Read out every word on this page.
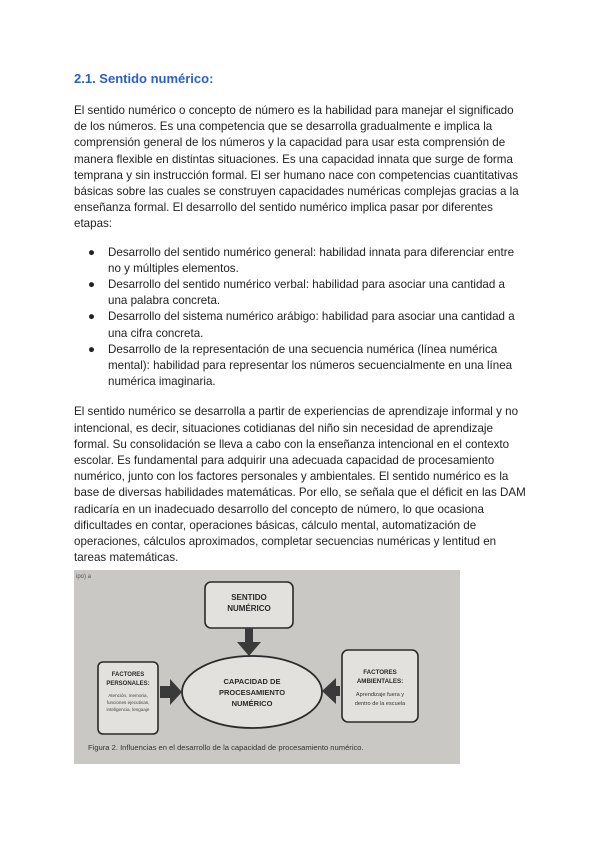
2.1. Sentido numérico:

El sentido numérico o concepto de número es la habilidad para manejar el significado de los números. Es una competencia que se desarrolla gradualmente e implica la comprensión general de los números y la capacidad para usar esta comprensión de manera flexible en distintas situaciones. Es una capacidad innata que surge de forma temprana y sin instrucción formal. El ser humano nace con competencias cuantitativas básicas sobre las cuales se construyen capacidades numéricas complejas gracias a la enseñanza formal. El desarrollo del sentido numérico implica pasar por diferentes etapas:

● Desarrollo del sentido numérico general: habilidad innata para diferenciar entre no y múltiples elementos.
● Desarrollo del sentido numérico verbal: habilidad para asociar una cantidad a una palabra concreta.
● Desarrollo del sistema numérico arábigo: habilidad para asociar una cantidad a una cifra concreta.
● Desarrollo de la representación de una secuencia numérica (línea numérica mental): habilidad para representar los números secuencialmente en una línea numérica imaginaria.

El sentido numérico se desarrolla a partir de experiencias de aprendizaje informal y no intencional, es decir, situaciones cotidianas del niño sin necesidad de aprendizaje formal. Su consolidación se lleva a cabo con la enseñanza intencional en el contexto escolar. Es fundamental para adquirir una adecuada capacidad de procesamiento numérico, junto con los factores personales y ambientales. El sentido numérico es la base de diversas habilidades matemáticas. Por ello, se señala que el déficit en las DAM radicaría en un inadecuado desarrollo del concepto de número, lo que ocasiona dificultades en contar, operaciones básicas, cálculo mental, automatización de operaciones, cálculos aproximados, completar secuencias numéricas y lentitud en tareas matemáticas.

ipo) a
SENTIDO
NUMÉRICO
CAPACIDAD DE
PROCESAMIENTO
NUMÉRICO
FACTORES
PERSONALES:
Atención, memoria,
funciones ejecutivas,
inteligencia, lenguaje
FACTORES
AMBIENTALES:
Aprendizaje fuera y
dentro de la escuela
Figura 2. Influencias en el desarrollo de la capacidad de procesamiento numérico.
